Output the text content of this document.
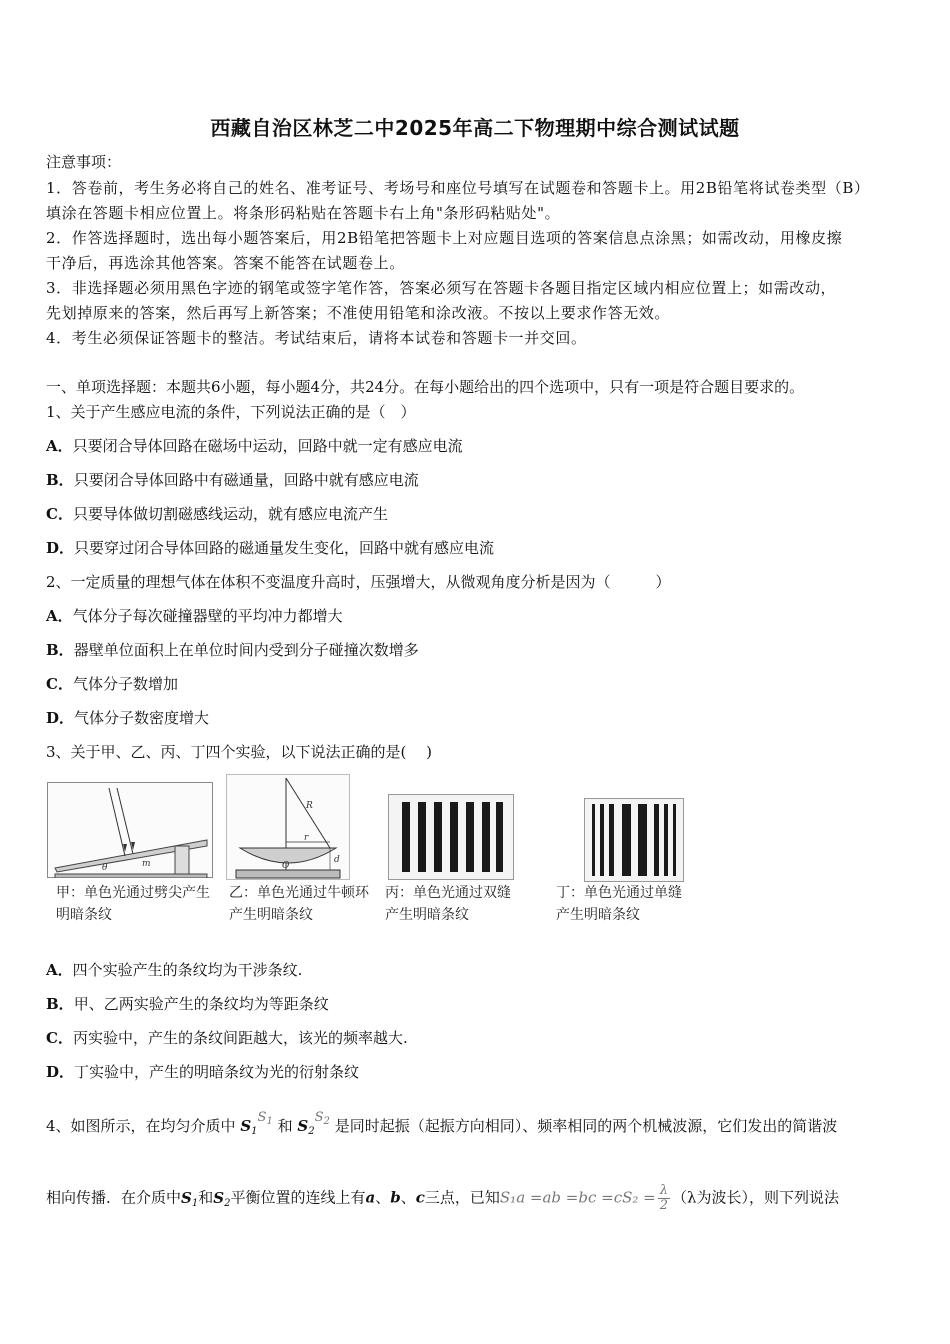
西藏自治区林芝二中2025年高二下物理期中综合测试试题
注意事项：
1．答卷前，考生务必将自己的姓名、准考证号、考场号和座位号填写在试题卷和答题卡上。用2B铅笔将试卷类型（B）
填涂在答题卡相应位置上。将条形码粘贴在答题卡右上角"条形码粘贴处"。
2．作答选择题时，选出每小题答案后，用2B铅笔把答题卡上对应题目选项的答案信息点涂黑；如需改动，用橡皮擦
干净后，再选涂其他答案。答案不能答在试题卷上。
3．非选择题必须用黑色字迹的钢笔或签字笔作答，答案必须写在答题卡各题目指定区域内相应位置上；如需改动，
先划掉原来的答案，然后再写上新答案；不准使用铅笔和涂改液。不按以上要求作答无效。
4．考生必须保证答题卡的整洁。考试结束后，请将本试卷和答题卡一并交回。
一、单项选择题：本题共6小题，每小题4分，共24分。在每小题给出的四个选项中，只有一项是符合题目要求的。
1、关于产生感应电流的条件，下列说法正确的是（　）
A．只要闭合导体回路在磁场中运动，回路中就一定有感应电流
B．只要闭合导体回路中有磁通量，回路中就有感应电流
C．只要导体做切割磁感线运动，就有感应电流产生
D．只要穿过闭合导体回路的磁通量发生变化，回路中就有感应电流
2、一定质量的理想气体在体积不变温度升高时，压强增大，从微观角度分析是因为（　　　）
A．气体分子每次碰撞器壁的平均冲力都增大
B．器壁单位面积上在单位时间内受到分子碰撞次数增多
C．气体分子数增加
D．气体分子数密度增大
3、关于甲、乙、丙、丁四个实验，以下说法正确的是(　 )
θ	m
甲：单色光通过劈尖产生
明暗条纹
R
r
O
d
乙：单色光通过牛顿环
产生明暗条纹
丙：单色光通过双缝
产生明暗条纹
丁：单色光通过单缝
产生明暗条纹
A．四个实验产生的条纹均为干涉条纹.
B．甲、乙两实验产生的条纹均为等距条纹
C．丙实验中，产生的条纹间距越大，该光的频率越大.
D．丁实验中，产生的明暗条纹为光的衍射条纹
4、如图所示，在均匀介质中 $S_1S_1$ 和 $S_2S_2$ 是同时起振（起振方向相同）、频率相同的两个机械波源，它们发出的简谐波
相向传播．在介质中$S_1$和$S_2$平衡位置的连线上有a、b、c三点，已知$S_1a =ab =bc =cS_2 = \frac{\lambda}{2} (\lambda$为波长），则下列说法
